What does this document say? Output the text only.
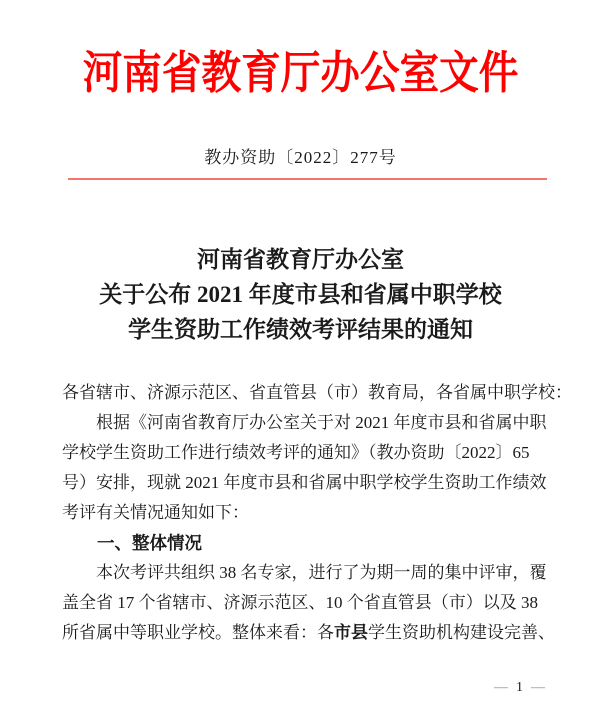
河南省教育厅办公室文件
教办资助〔2022〕277号
河南省教育厅办公室
关于公布 2021 年度市县和省属中职学校
学生资助工作绩效考评结果的通知
各省辖市、济源示范区、省直管县（市）教育局，各省属中职学校：
根据《河南省教育厅办公室关于对 2021 年度市县和省属中职
学校学生资助工作进行绩效考评的通知》（教办资助〔2022〕65
号）安排，现就 2021 年度市县和省属中职学校学生资助工作绩效
考评有关情况通知如下：
一、整体情况
本次考评共组织 38 名专家，进行了为期一周的集中评审，覆
盖全省 17 个省辖市、济源示范区、10 个省直管县（市）以及 38
所省属中等职业学校。整体来看：各市县学生资助机构建设完善、
— 1 —
